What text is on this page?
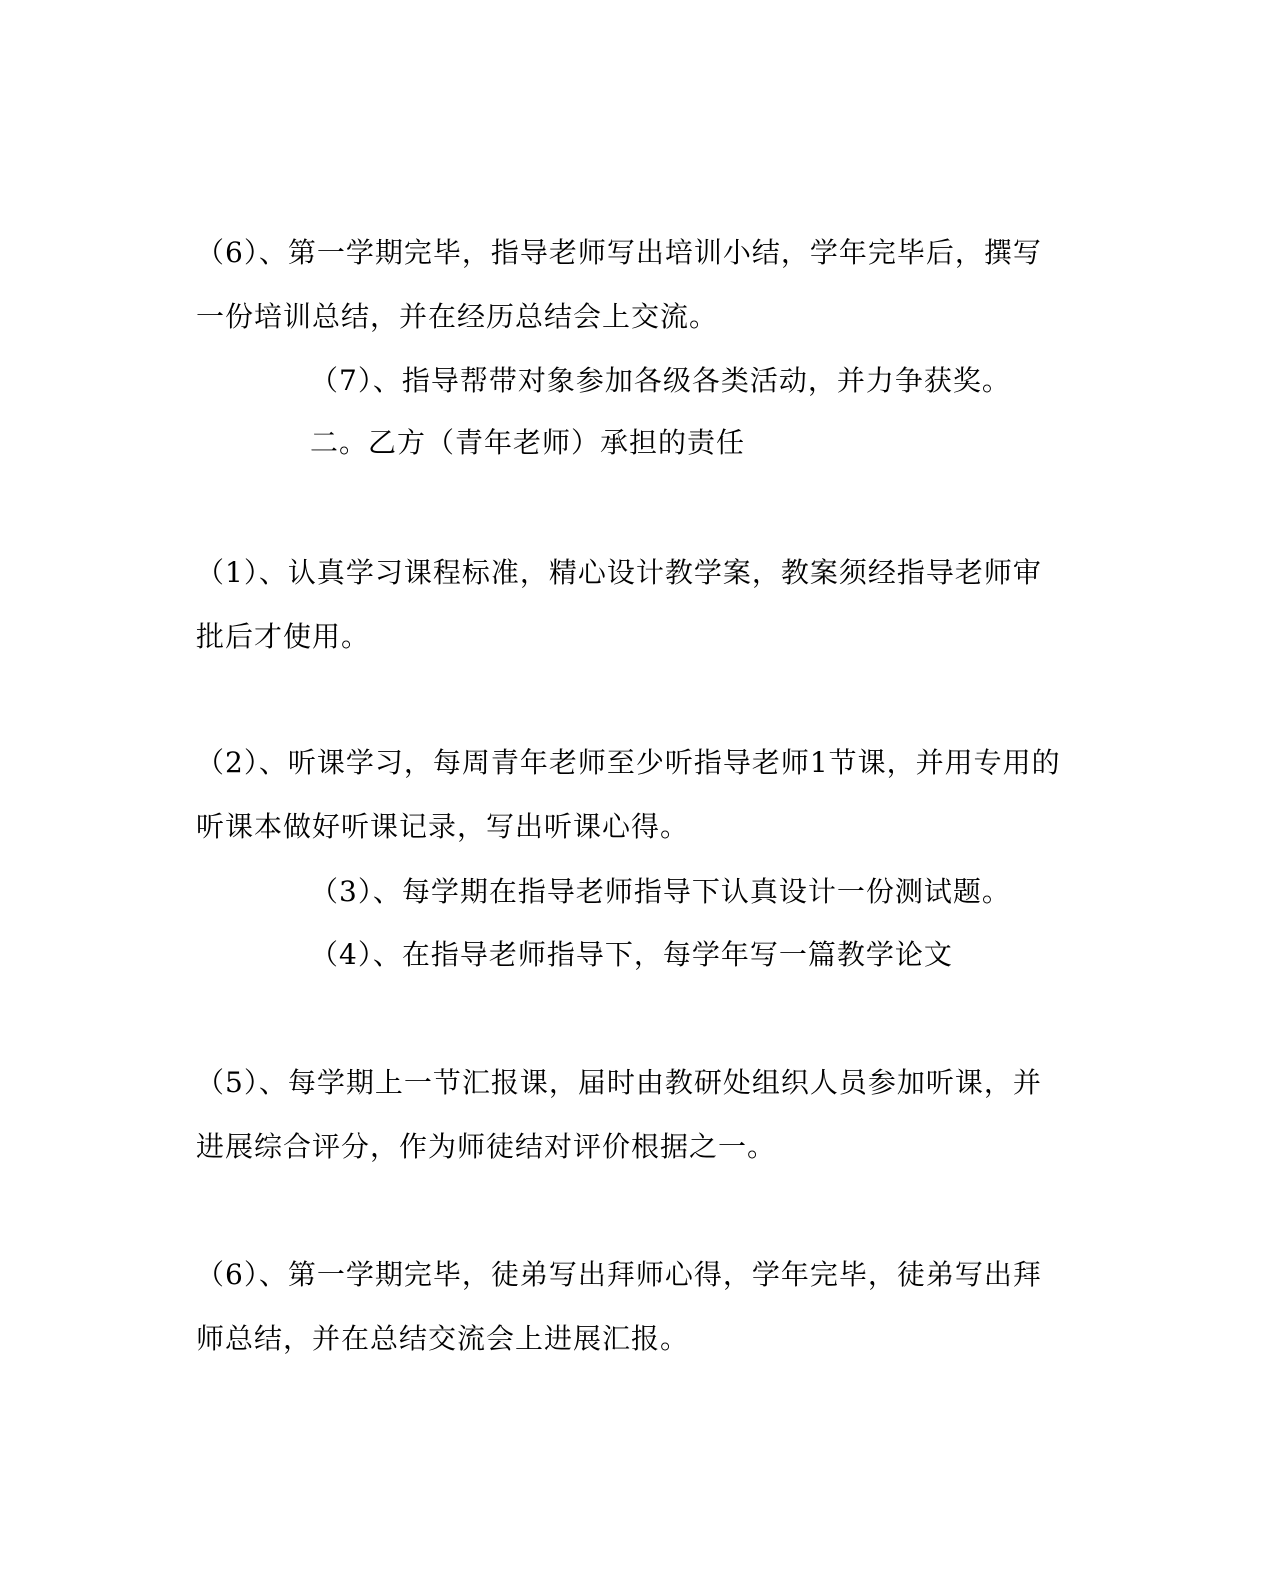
（6）、第一学期完毕，指导老师写出培训小结，学年完毕后，撰写
一份培训总结，并在经历总结会上交流。
（7）、指导帮带对象参加各级各类活动，并力争获奖。
二。乙方（青年老师）承担的责任
（1）、认真学习课程标准，精心设计教学案，教案须经指导老师审
批后才使用。
（2）、听课学习，每周青年老师至少听指导老师1节课，并用专用的
听课本做好听课记录，写出听课心得。
（3）、每学期在指导老师指导下认真设计一份测试题。
（4）、在指导老师指导下，每学年写一篇教学论文
（5）、每学期上一节汇报课，届时由教研处组织人员参加听课，并
进展综合评分，作为师徒结对评价根据之一。
（6）、第一学期完毕，徒弟写出拜师心得，学年完毕，徒弟写出拜
师总结，并在总结交流会上进展汇报。
